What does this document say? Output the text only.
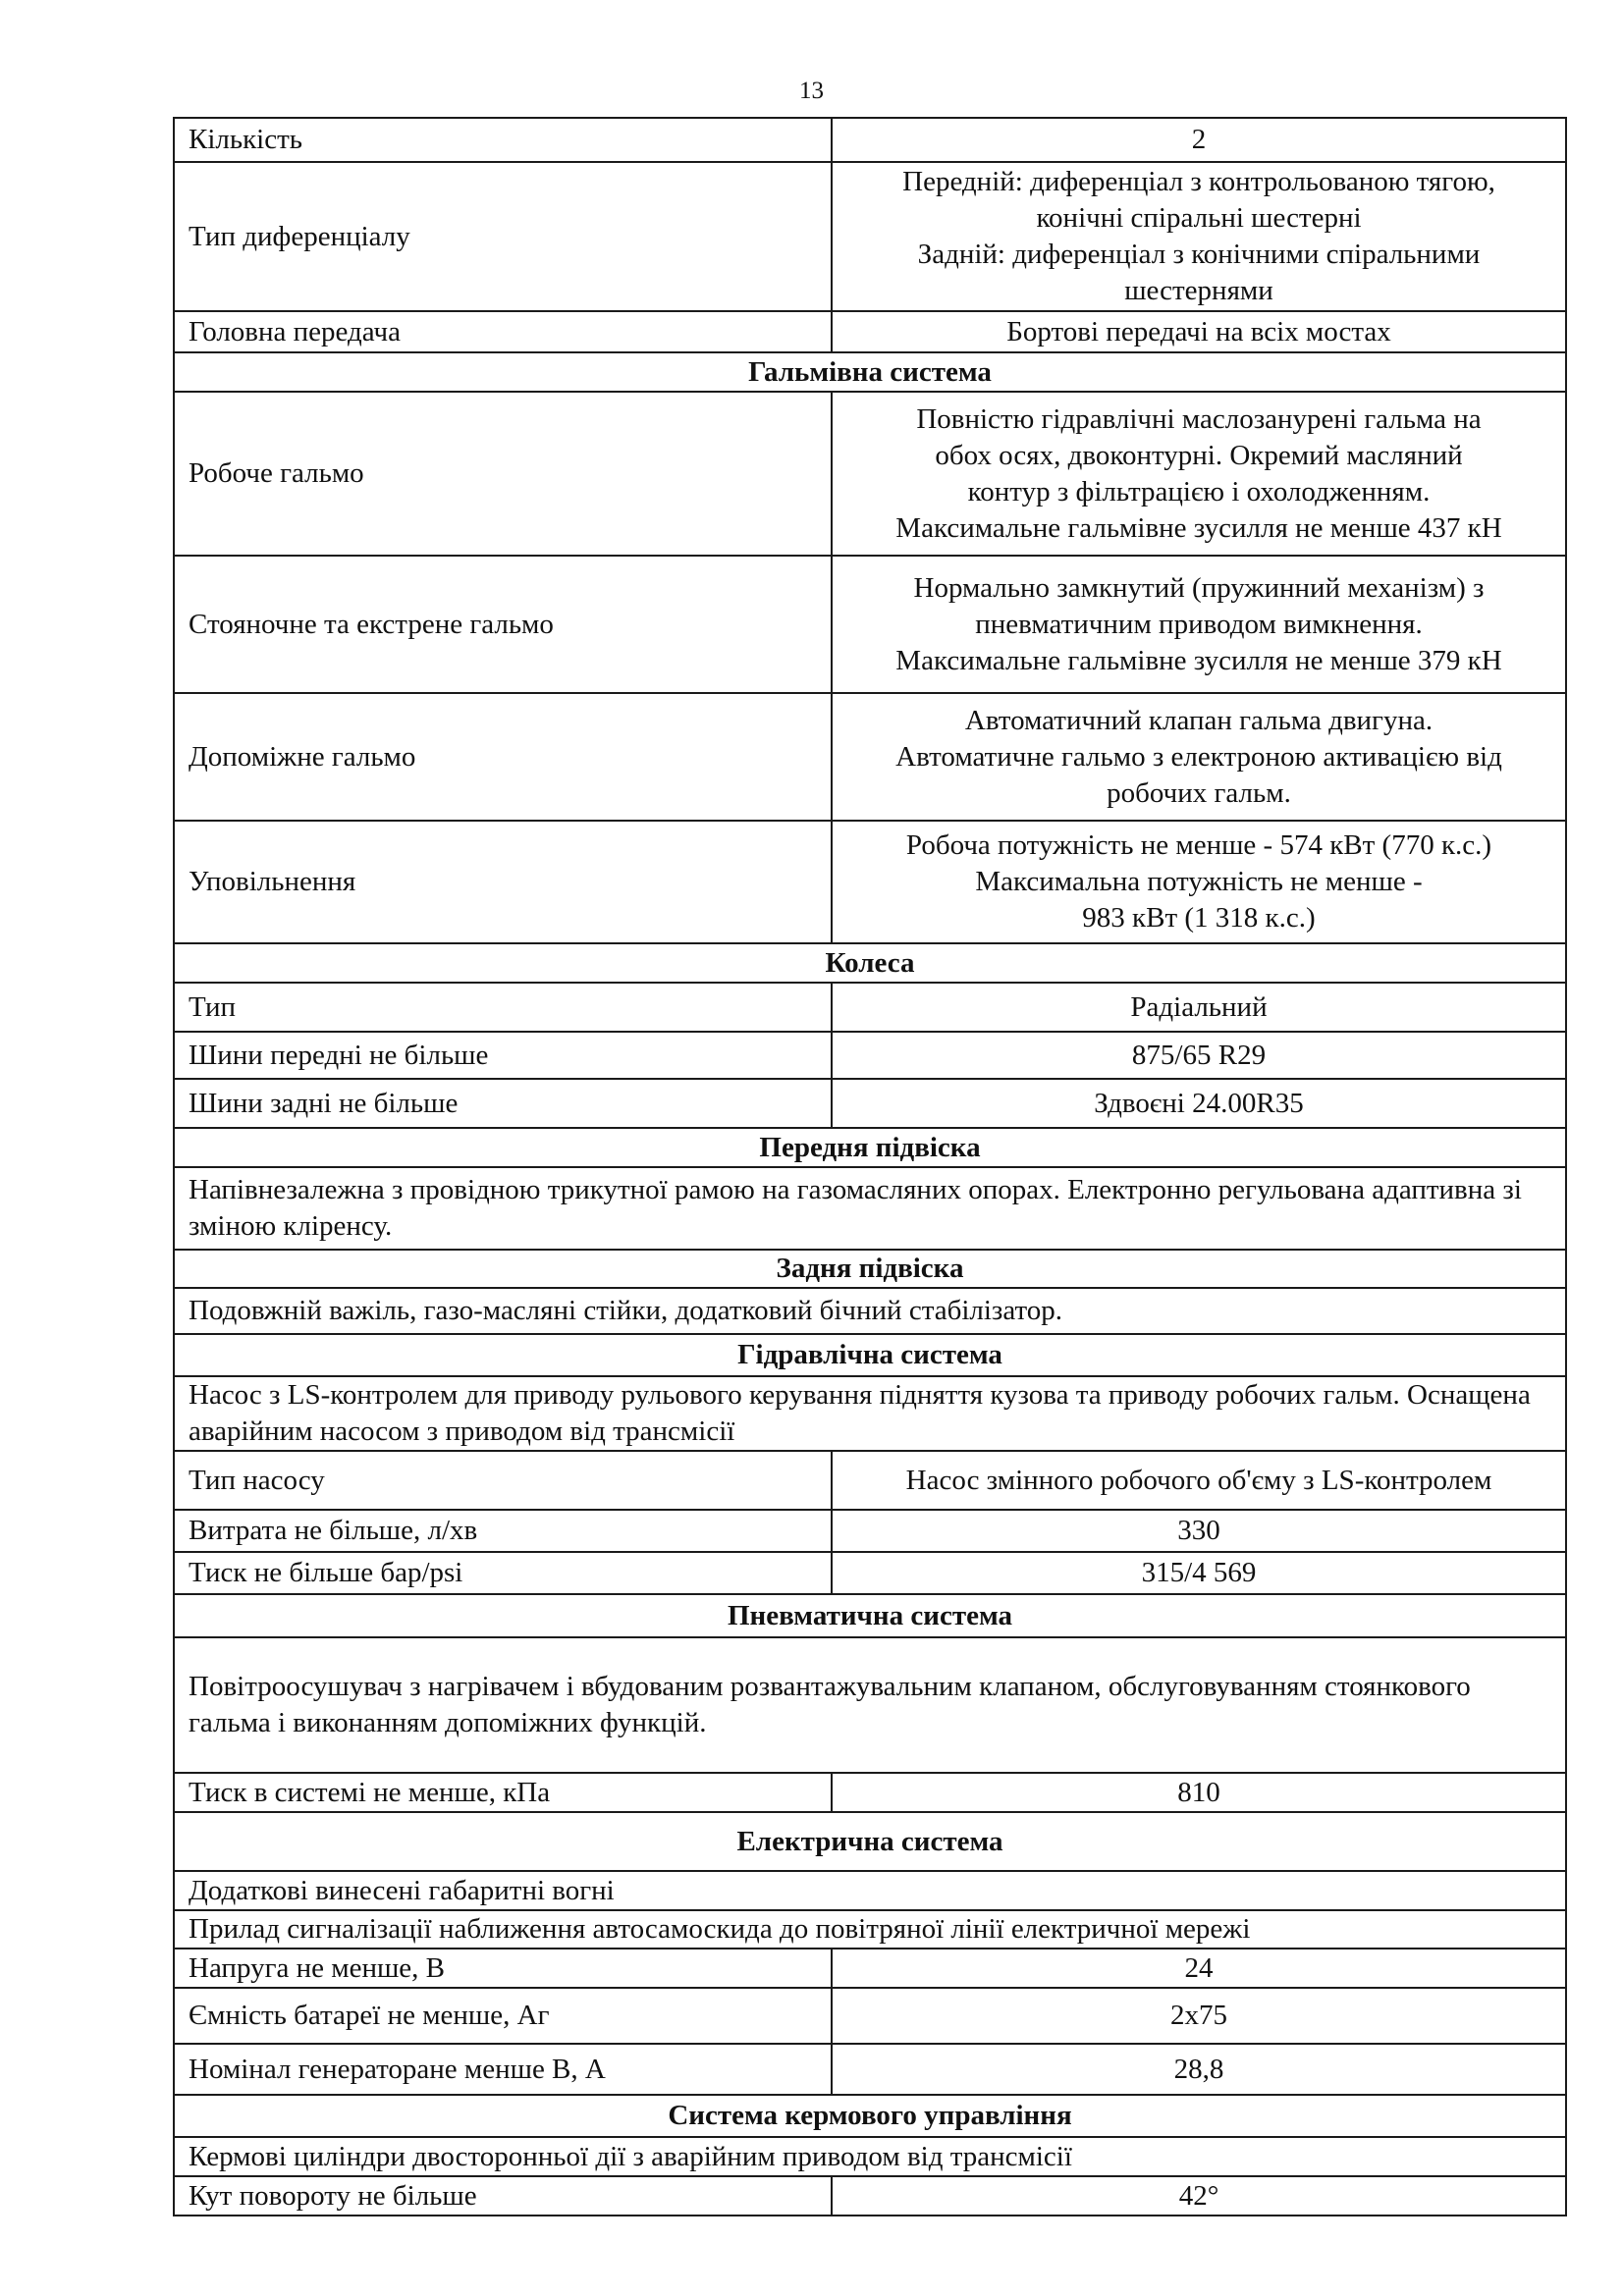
13
Кількість	2
Тип диференціалу	Передній: диференціал з контрольованою тягою,
конічні спіральні шестерні
Задній: диференціал з конічними спіральними
шестернями

Головна передача	Бортові передачі на всіх мостах
Гальмівна система	
Робоче гальмо	Повністю гідравлічні маслозанурені гальма на
обох осях, двоконтурні. Окремий масляний
контур з фільтрацією і охолодженням.
Максимальне гальмівне зусилля не менше 437 кН

Стояночне та екстрене гальмо	Нормально замкнутий (пружинний механізм) з
пневматичним приводом вимкнення.
Максимальне гальмівне зусилля не менше 379 кН

Допоміжне гальмо	Автоматичний клапан гальма двигуна.
Автоматичне гальмо з електроною активацією від
робочих гальм.

Уповільнення	Робоча потужність не менше - 574 кВт (770 к.с.)
Максимальна потужність не менше -
983 кВт (1 318 к.с.)

Колеса	
Тип	Радіальний
Шини передні не більше	875/65 R29
Шини задні не більше	Здвоєні 24.00R35
Передня підвіска	
Напівнезалежна з провідною трикутної рамою на газомасляних опорах. Електронно регульована адаптивна зі зміною кліренсу.	
Задня підвіска	
Подовжній важіль, газо-масляні стійки, додатковий бічний стабілізатор.	
Гідравлічна система	
Насос з LS-контролем для приводу рульового керування підняття кузова та приводу робочих гальм. Оснащена аварійним насосом з приводом від трансмісії	
Тип насосу	Насос змінного робочого об'єму з LS-контролем
Витрата не більше, л/хв	330
Тиск не більше бар/psi	315/4 569
Пневматична система	
Повітроосушувач з нагрівачем і вбудованим розвантажувальним клапаном, обслуговуванням стоянкового гальма і виконанням допоміжних функцій.	
Тиск в системі не менше, кПа	810
Електрична система	
Додаткові винесені габаритні вогні	
Прилад сигналізації наближення автосамоскида до повітряної лінії електричної мережі	
Напруга не менше, В	24
Ємність батареї не менше, Аг	2x75
Номінал генераторане менше В, А	28,8
Система кермового управління	
Кермові циліндри двосторонньої дії з аварійним приводом від трансмісії	
Кут повороту не більше	42°
